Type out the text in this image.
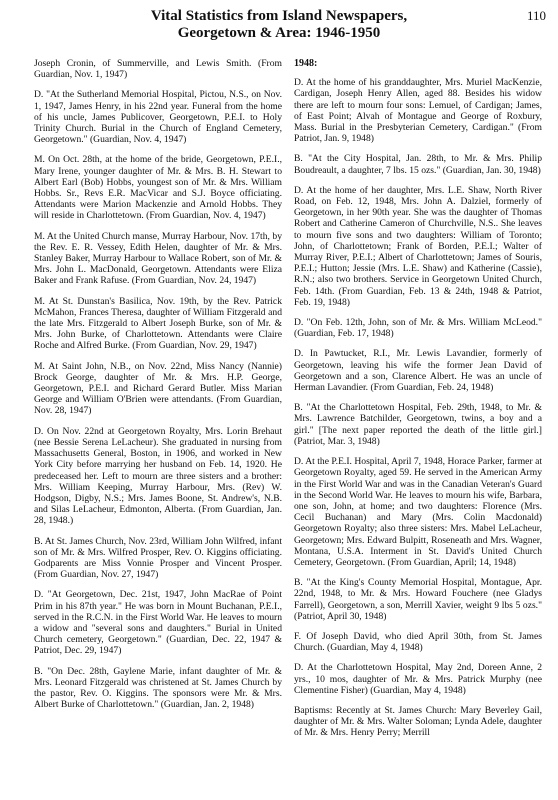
Vital Statistics from Island Newspapers,
Georgetown & Area: 1946-1950
110

Joseph Cronin, of Summerville, and Lewis Smith. (From Guardian, Nov. 1, 1947)

D. "At the Sutherland Memorial Hospital, Pictou, N.S., on Nov. 1, 1947, James Henry, in his 22nd year. Funeral from the home of his uncle, James Publicover, Georgetown, P.E.I. to Holy Trinity Church. Burial in the Church of England Cemetery, Georgetown." (Guardian, Nov. 4, 1947)

M. On Oct. 28th, at the home of the bride, Georgetown, P.E.I., Mary Irene, younger daughter of Mr. & Mrs. B. H. Stewart to Albert Earl (Bob) Hobbs, youngest son of Mr. & Mrs. William Hobbs. Sr., Revs E.R. MacVicar and S.J. Boyce officiating. Attendants were Marion Mackenzie and Arnold Hobbs. They will reside in Charlottetown. (From Guardian, Nov. 4, 1947)

M. At the United Church manse, Murray Harbour, Nov. 17th, by the Rev. E. R. Vessey, Edith Helen, daughter of Mr. & Mrs. Stanley Baker, Murray Harbour to Wallace Robert, son of Mr. & Mrs. John L. MacDonald, Georgetown. Attendants were Eliza Baker and Frank Rafuse. (From Guardian, Nov. 24, 1947)

M. At St. Dunstan's Basilica, Nov. 19th, by the Rev. Patrick McMahon, Frances Theresa, daughter of William Fitzgerald and the late Mrs. Fitzgerald to Albert Joseph Burke, son of Mr. & Mrs. John Burke, of Charlottetown. Attendants were Claire Roche and Alfred Burke. (From Guardian, Nov. 29, 1947)

M. At Saint John, N.B., on Nov. 22nd, Miss Nancy (Nannie) Brock George, daughter of Mr. & Mrs. H.P. George, Georgetown, P.E.I. and Richard Gerard Butler. Miss Marian George and William O'Brien were attendants. (From Guardian, Nov. 28, 1947)

D. On Nov. 22nd at Georgetown Royalty, Mrs. Lorin Brehaut (nee Bessie Serena LeLacheur). She graduated in nursing from Massachusetts General, Boston, in 1906, and worked in New York City before marrying her husband on Feb. 14, 1920. He predeceased her. Left to mourn are three sisters and a brother: Mrs. William Keeping, Murray Harbour, Mrs. (Rev) W. Hodgson, Digby, N.S.; Mrs. James Boone, St. Andrew's, N.B. and Silas LeLacheur, Edmonton, Alberta. (From Guardian, Jan. 28, 1948.)

B. At St. James Church, Nov. 23rd, William John Wilfred, infant son of Mr. & Mrs. Wilfred Prosper, Rev. O. Kiggins officiating. Godparents are Miss Vonnie Prosper and Vincent Prosper. (From Guardian, Nov. 27, 1947)

D. "At Georgetown, Dec. 21st, 1947, John MacRae of Point Prim in his 87th year." He was born in Mount Buchanan, P.E.I., served in the R.C.N. in the First World War. He leaves to mourn a widow and "several sons and daughters." Burial in United Church cemetery, Georgetown." (Guardian, Dec. 22, 1947 & Patriot, Dec. 29, 1947)

B. "On Dec. 28th, Gaylene Marie, infant daughter of Mr. & Mrs. Leonard Fitzgerald was christened at St. James Church by the pastor, Rev. O. Kiggins. The sponsors were Mr. & Mrs. Albert Burke of Charlottetown." (Guardian, Jan. 2, 1948)

1948:

D. At the home of his granddaughter, Mrs. Muriel MacKenzie, Cardigan, Joseph Henry Allen, aged 88. Besides his widow there are left to mourn four sons: Lemuel, of Cardigan; James, of East Point; Alvah of Montague and George of Roxbury, Mass. Burial in the Presbyterian Cemetery, Cardigan." (From Patriot, Jan. 9, 1948)

B. "At the City Hospital, Jan. 28th, to Mr. & Mrs. Philip Boudreault, a daughter, 7 lbs. 15 ozs." (Guardian, Jan. 30, 1948)

D. At the home of her daughter, Mrs. L.E. Shaw, North River Road, on Feb. 12, 1948, Mrs. John A. Dalziel, formerly of Georgetown, in her 90th year. She was the daughter of Thomas Robert and Catherine Cameron of Churchville, N.S.. She leaves to mourn five sons and two daughters: William of Toronto; John, of Charlottetown; Frank of Borden, P.E.I.; Walter of Murray River, P.E.I.; Albert of Charlottetown; James of Souris, P.E.I.; Hutton; Jessie (Mrs. L.E. Shaw) and Katherine (Cassie), R.N.; also two brothers. Service in Georgetown United Church, Feb. 14th. (From Guardian, Feb. 13 & 24th, 1948 & Patriot, Feb. 19, 1948)

D. "On Feb. 12th, John, son of Mr. & Mrs. William McLeod." (Guardian, Feb. 17, 1948)

D. In Pawtucket, R.I., Mr. Lewis Lavandier, formerly of Georgetown, leaving his wife the former Jean David of Georgetown and a son, Clarence Albert. He was an uncle of Herman Lavandier. (From Guardian, Feb. 24, 1948)

B. "At the Charlottetown Hospital, Feb. 29th, 1948, to Mr. & Mrs. Lawrence Batchilder, Georgetown, twins, a boy and a girl." [The next paper reported the death of the little girl.] (Patriot, Mar. 3, 1948)

D. At the P.E.I. Hospital, April 7, 1948, Horace Parker, farmer at Georgetown Royalty, aged 59. He served in the American Army in the First World War and was in the Canadian Veteran's Guard in the Second World War. He leaves to mourn his wife, Barbara, one son, John, at home; and two daughters: Florence (Mrs. Cecil Buchanan) and Mary (Mrs. Colin Macdonald) Georgetown Royalty; also three sisters: Mrs. Mabel LeLacheur, Georgetown; Mrs. Edward Bulpitt, Roseneath and Mrs. Wagner, Montana, U.S.A. Interment in St. David's United Church Cemetery, Georgetown. (From Guardian, April; 14, 1948)

B. "At the King's County Memorial Hospital, Montague, Apr. 22nd, 1948, to Mr. & Mrs. Howard Fouchere (nee Gladys Farrell), Georgetown, a son, Merrill Xavier, weight 9 lbs 5 ozs." (Patriot, April 30, 1948)

F. Of Joseph David, who died April 30th, from St. James Church. (Guardian, May 4, 1948)

D. At the Charlottetown Hospital, May 2nd, Doreen Anne, 2 yrs., 10 mos, daughter of Mr. & Mrs. Patrick Murphy (nee Clementine Fisher) (Guardian, May 4, 1948)

Baptisms: Recently at St. James Church: Mary Beverley Gail, daughter of Mr. & Mrs. Walter Soloman; Lynda Adele, daughter of Mr. & Mrs. Henry Perry; Merrill
